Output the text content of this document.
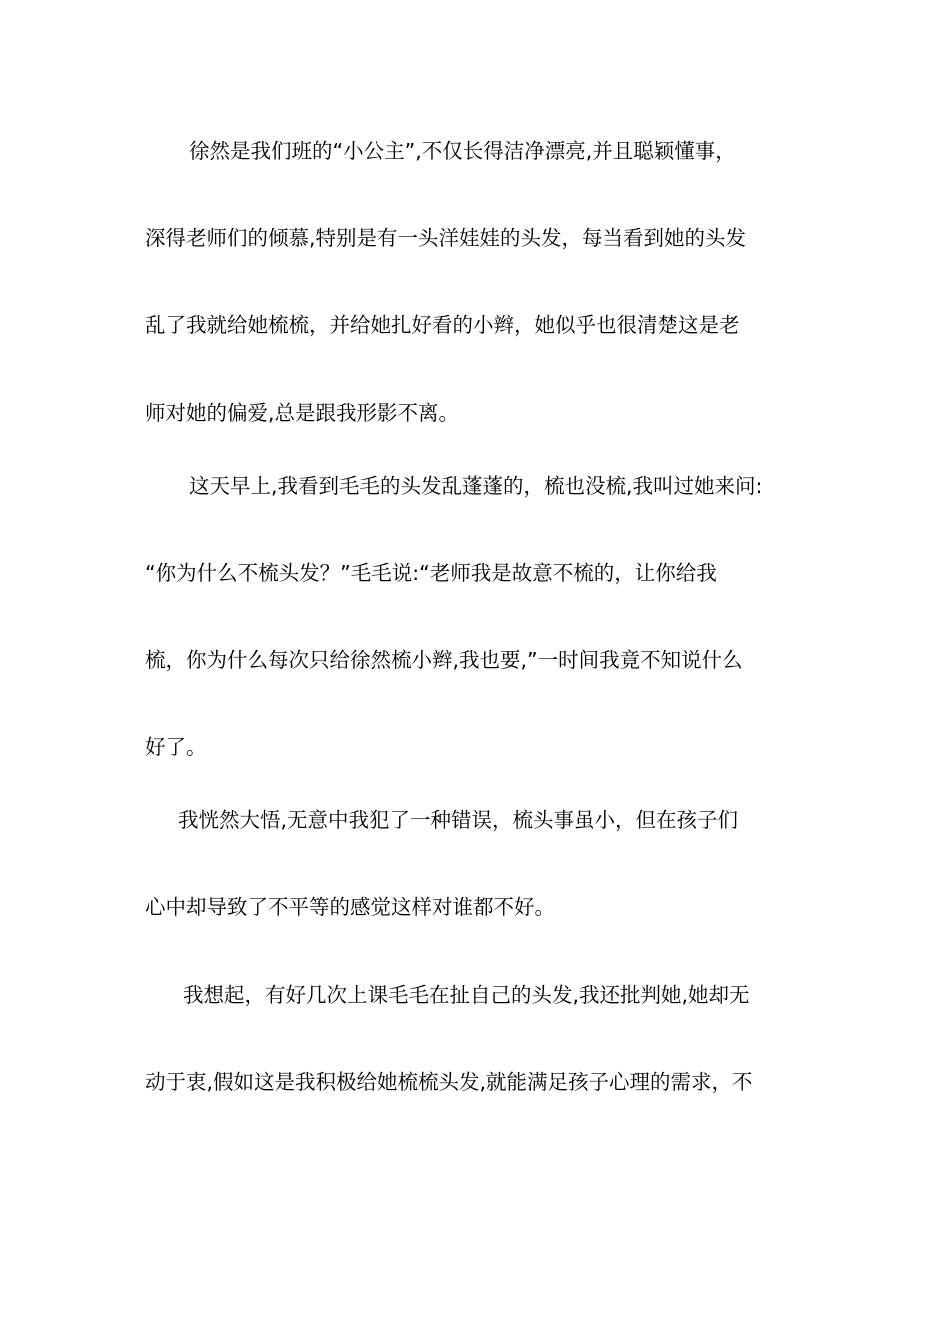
徐然是我们班的“小公主”,不仅长得洁净漂亮,并且聪颖懂事，
深得老师们的倾慕,特别是有一头洋娃娃的头发，每当看到她的头发
乱了我就给她梳梳，并给她扎好看的小辫，她似乎也很清楚这是老
师对她的偏爱,总是跟我形影不离。
这天早上,我看到毛毛的头发乱蓬蓬的，梳也没梳,我叫过她来问:
“你为什么不梳头发？”毛毛说:“老师我是故意不梳的，让你给我
梳，你为什么每次只给徐然梳小辫,我也要,”一时间我竟不知说什么
好了。
我恍然大悟,无意中我犯了一种错误，梳头事虽小，但在孩子们
心中却导致了不平等的感觉这样对谁都不好。
我想起，有好几次上课毛毛在扯自己的头发,我还批判她,她却无
动于衷,假如这是我积极给她梳梳头发,就能满足孩子心理的需求，不
